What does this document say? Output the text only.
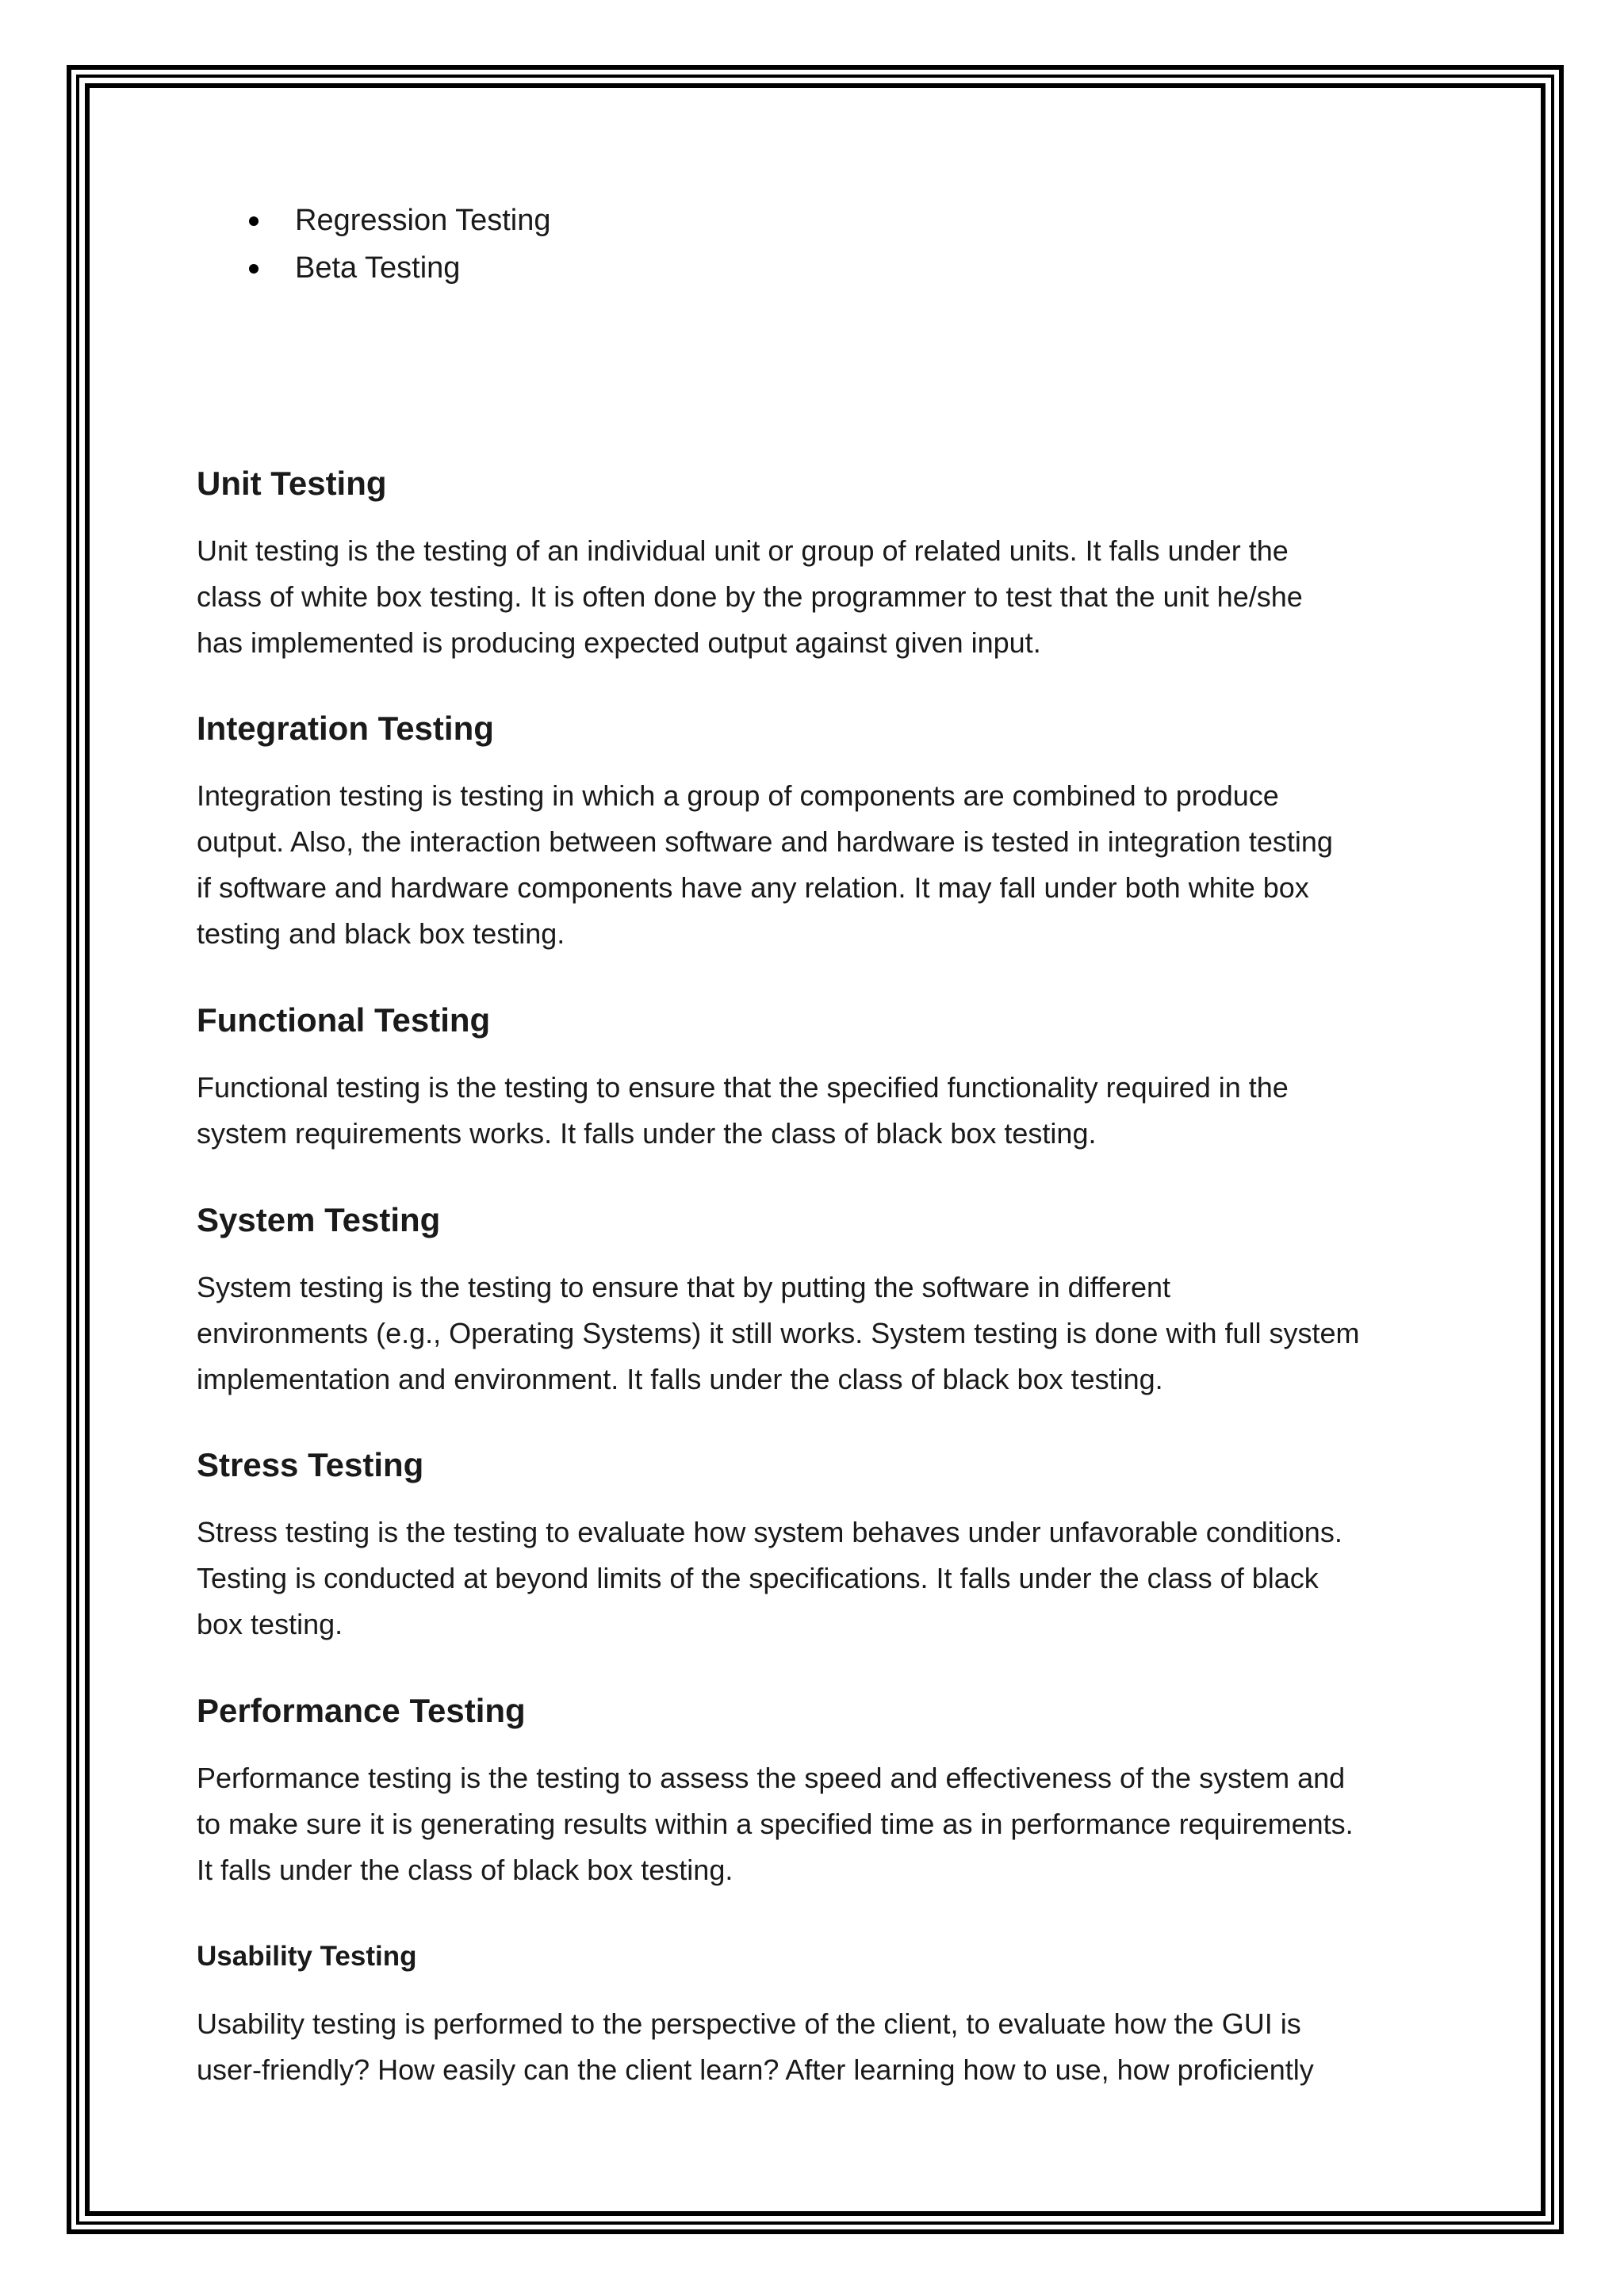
Regression Testing
Beta Testing
Unit Testing

Unit testing is the testing of an individual unit or group of related units. It falls under the
class of white box testing. It is often done by the programmer to test that the unit he/she
has implemented is producing expected output against given input.

Integration Testing

Integration testing is testing in which a group of components are combined to produce
output. Also, the interaction between software and hardware is tested in integration testing
if software and hardware components have any relation. It may fall under both white box
testing and black box testing.

Functional Testing

Functional testing is the testing to ensure that the specified functionality required in the
system requirements works. It falls under the class of black box testing.

System Testing

System testing is the testing to ensure that by putting the software in different
environments (e.g., Operating Systems) it still works. System testing is done with full system
implementation and environment. It falls under the class of black box testing.

Stress Testing

Stress testing is the testing to evaluate how system behaves under unfavorable conditions.
Testing is conducted at beyond limits of the specifications. It falls under the class of black
box testing.

Performance Testing

Performance testing is the testing to assess the speed and effectiveness of the system and
to make sure it is generating results within a specified time as in performance requirements.
It falls under the class of black box testing.

Usability Testing

Usability testing is performed to the perspective of the client, to evaluate how the GUI is
user-friendly? How easily can the client learn? After learning how to use, how proficiently
